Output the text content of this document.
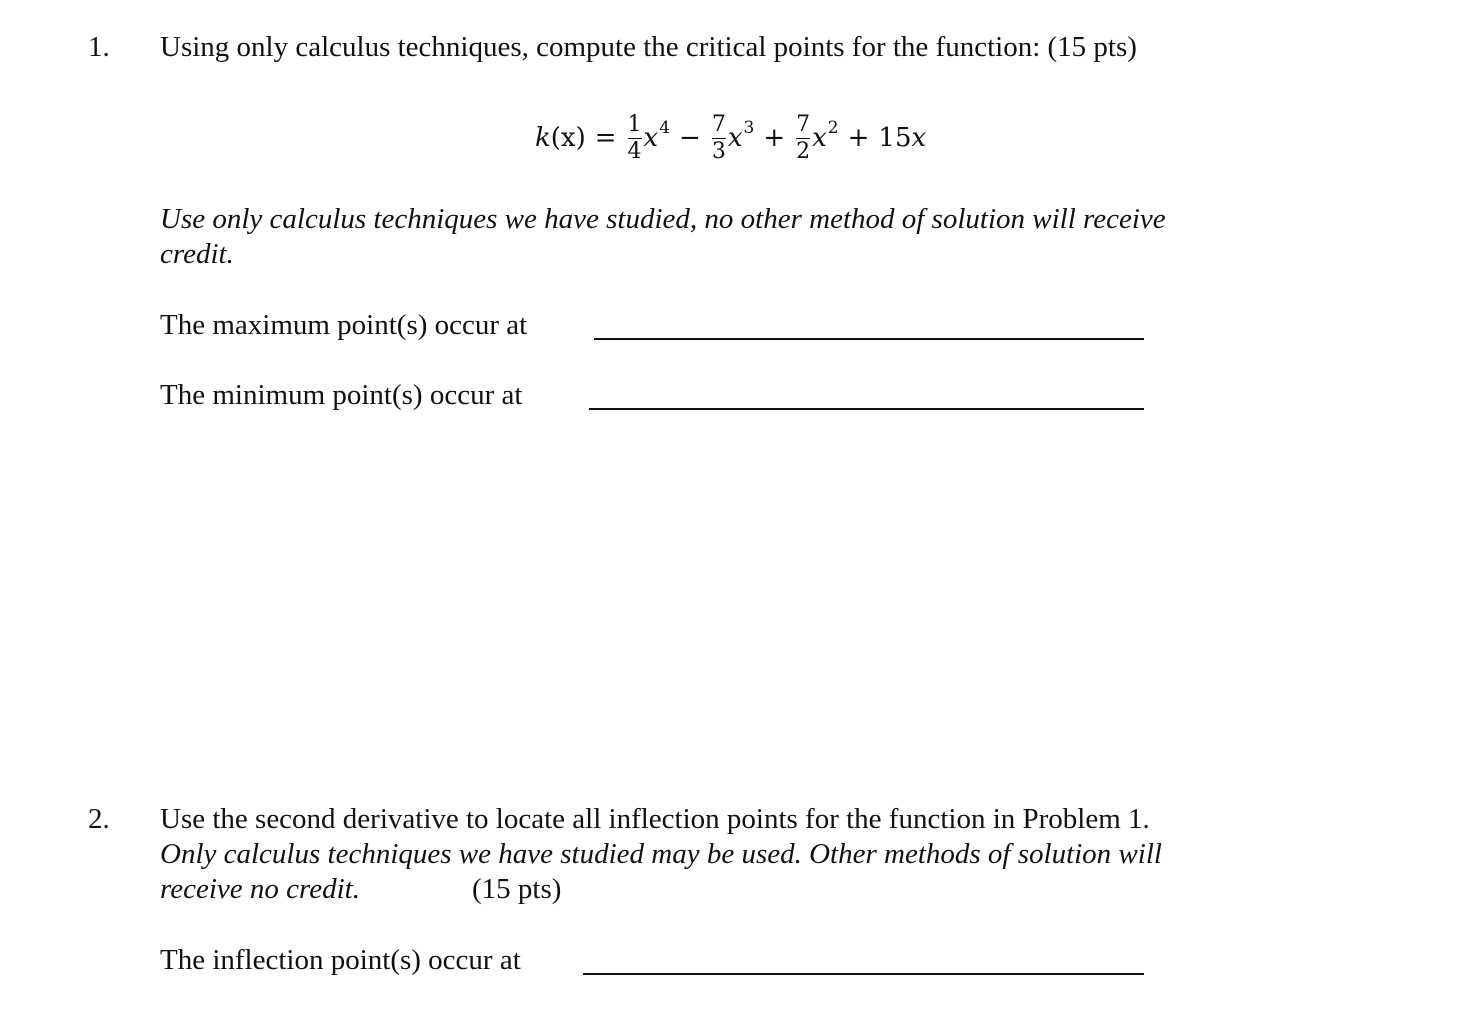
1. Using only calculus techniques, compute the critical points for the function: (15 pts)
k $(x) = \frac{1}{4}$ x $4 - \frac{7}{3}$ x $3 + \frac{7}{2}$ x 2 + 15 x
Use only calculus techniques we have studied, no other method of solution will receive
credit.
The maximum point(s) occur at
The minimum point(s) occur at
2. Use the second derivative to locate all inflection points for the function in Problem 1.
Only calculus techniques we have studied may be used. Other methods of solution will
receive no credit.	(15 pts)
The inflection point(s) occur at
